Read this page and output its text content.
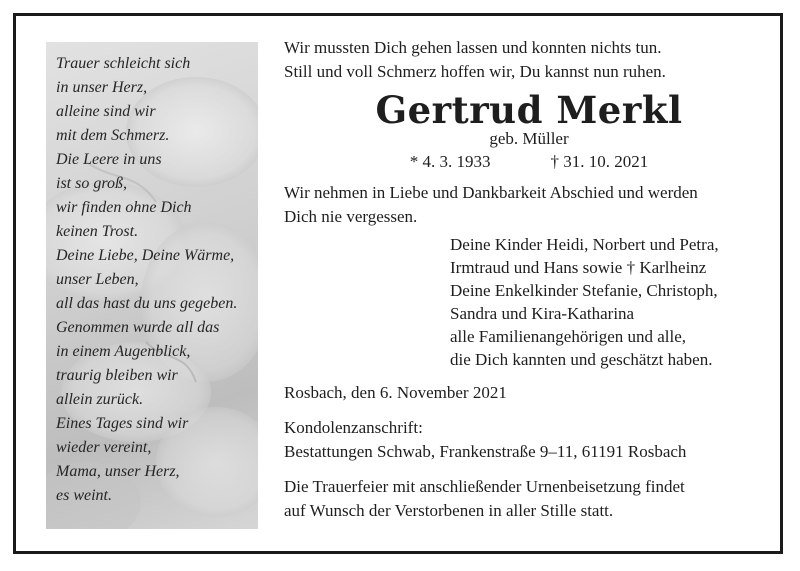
Trauer schleicht sich
in unser Herz,
alleine sind wir
mit dem Schmerz.
Die Leere in uns
ist so groß,
wir finden ohne Dich
keinen Trost.
Deine Liebe, Deine Wärme,
unser Leben,
all das hast du uns gegeben.
Genommen wurde all das
in einem Augenblick,
traurig bleiben wir
allein zurück.
Eines Tages sind wir
wieder vereint,
Mama, unser Herz,
es weint.
Wir mussten Dich gehen lassen und konnten nichts tun.
Still und voll Schmerz hoffen wir, Du kannst nun ruhen.
Gertrud Merkl
geb. Müller
* 4. 3. 1933	† 31. 10. 2021
Wir nehmen in Liebe und Dankbarkeit Abschied und werden
Dich nie vergessen.
Deine Kinder Heidi, Norbert und Petra,
Irmtraud und Hans sowie † Karlheinz
Deine Enkelkinder Stefanie, Christoph,
Sandra und Kira-Katharina
alle Familienangehörigen und alle,
die Dich kannten und geschätzt haben.
Rosbach, den 6. November 2021
Kondolenzanschrift:
Bestattungen Schwab, Frankenstraße 9–11, 61191 Rosbach
Die Trauerfeier mit anschließender Urnenbeisetzung findet
auf Wunsch der Verstorbenen in aller Stille statt.
